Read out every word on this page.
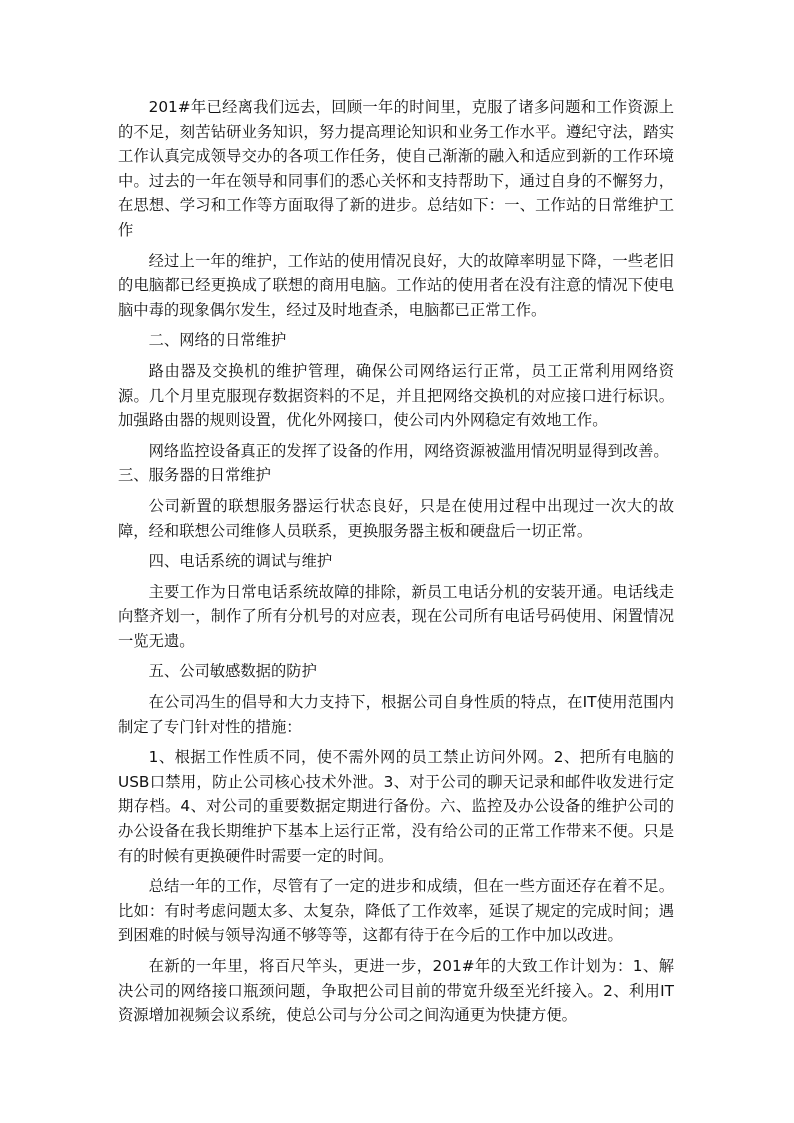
201#年已经离我们远去，回顾一年的时间里，克服了诸多问题和工作资源上的不足，刻苦钻研业务知识，努力提高理论知识和业务工作水平。遵纪守法，踏实工作认真完成领导交办的各项工作任务，使自己渐渐的融入和适应到新的工作环境中。过去的一年在领导和同事们的悉心关怀和支持帮助下，通过自身的不懈努力，在思想、学习和工作等方面取得了新的进步。总结如下：一、工作站的日常维护工作

经过上一年的维护，工作站的使用情况良好，大的故障率明显下降，一些老旧的电脑都已经更换成了联想的商用电脑。工作站的使用者在没有注意的情况下使电脑中毒的现象偶尔发生，经过及时地查杀，电脑都已正常工作。

二、网络的日常维护

路由器及交换机的维护管理，确保公司网络运行正常，员工正常利用网络资源。几个月里克服现存数据资料的不足，并且把网络交换机的对应接口进行标识。加强路由器的规则设置，优化外网接口，使公司内外网稳定有效地工作。

网络监控设备真正的发挥了设备的作用，网络资源被滥用情况明显得到改善。

三、服务器的日常维护

公司新置的联想服务器运行状态良好，只是在使用过程中出现过一次大的故障，经和联想公司维修人员联系，更换服务器主板和硬盘后一切正常。

四、电话系统的调试与维护

主要工作为日常电话系统故障的排除，新员工电话分机的安装开通。电话线走向整齐划一，制作了所有分机号的对应表，现在公司所有电话号码使用、闲置情况一览无遗。

五、公司敏感数据的防护

在公司冯生的倡导和大力支持下，根据公司自身性质的特点，在IT使用范围内制定了专门针对性的措施：

1、根据工作性质不同，使不需外网的员工禁止访问外网。2、把所有电脑的USB口禁用，防止公司核心技术外泄。3、对于公司的聊天记录和邮件收发进行定期存档。4、对公司的重要数据定期进行备份。六、监控及办公设备的维护公司的办公设备在我长期维护下基本上运行正常，没有给公司的正常工作带来不便。只是有的时候有更换硬件时需要一定的时间。

总结一年的工作，尽管有了一定的进步和成绩，但在一些方面还存在着不足。比如：有时考虑问题太多、太复杂，降低了工作效率，延误了规定的完成时间；遇到困难的时候与领导沟通不够等等，这都有待于在今后的工作中加以改进。

在新的一年里，将百尺竿头，更进一步，201#年的大致工作计划为：1、解决公司的网络接口瓶颈问题，争取把公司目前的带宽升级至光纤接入。2、利用IT资源增加视频会议系统，使总公司与分公司之间沟通更为快捷方便。
